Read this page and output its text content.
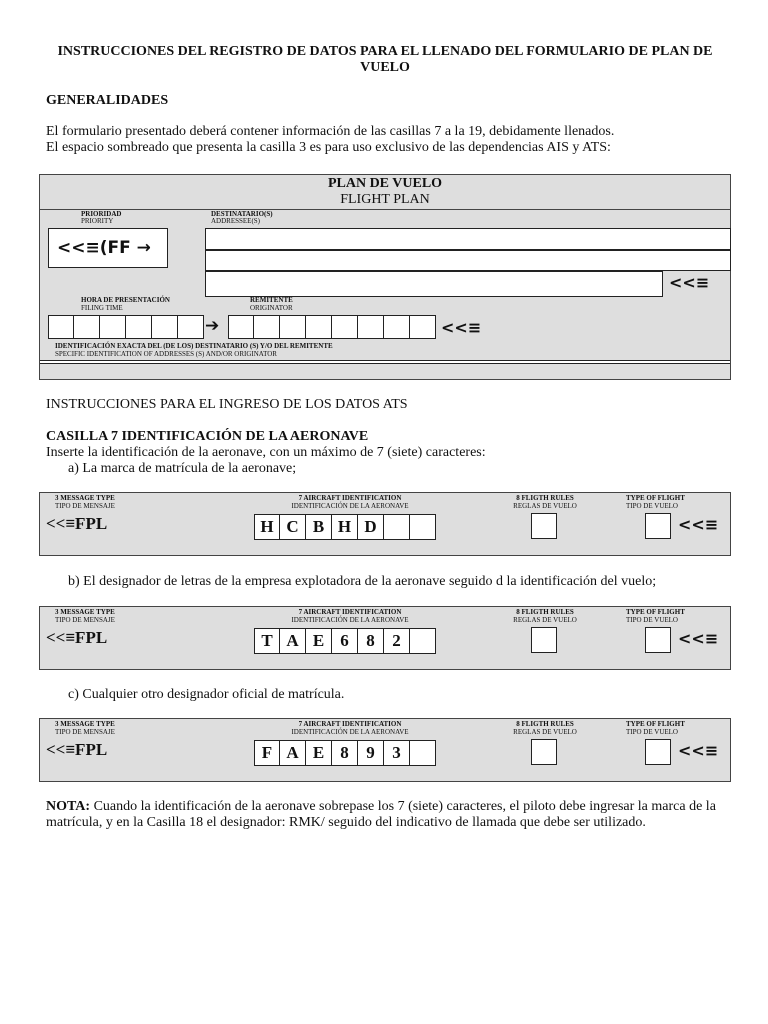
INSTRUCCIONES DEL REGISTRO DE DATOS PARA EL LLENADO DEL FORMULARIO DE PLAN DE VUELO
GENERALIDADES
El formulario presentado deberá contener información de las casillas 7 a la 19, debidamente llenados.
El espacio sombreado que presenta la casilla 3 es para uso exclusivo de las dependencias AIS y ATS:
PLAN DE VUELO
FLIGHT PLAN
PRIORIDAD
PRIORITY
<<≡(FF →
DESTINATARIO(S)
ADDRESSEE(S)
<<≡
HORA DE PRESENTACIÓN
FILING TIME
REMITENTE
ORIGINATOR
➔	<<≡
IDENTIFICACIÓN EXACTA DEL (DE LOS) DESTINATARIO (S) Y/O DEL REMITENTE
SPECIFIC IDENTIFICATION OF ADDRESSES (S) AND/OR ORIGINATOR
INSTRUCCIONES PARA EL INGRESO DE LOS DATOS ATS
CASILLA 7 IDENTIFICACIÓN DE LA AERONAVE
Inserte la identificación de la aeronave, con un máximo de 7 (siete) caracteres:
a) La marca de matrícula de la aeronave;
3 MESSAGE TYPE
TIPO DE MENSAJE
<<≡FPL
7 AIRCRAFT IDENTIFICATION
IDENTIFICACIÓN DE LA AERONAVE
H C B H D
8 FLIGTH RULES
REGLAS DE VUELO
TYPE OF FLIGHT
TIPO DE VUELO
<<≡
b) El designador de letras de la empresa explotadora de la aeronave seguido d la identificación del vuelo;
3 MESSAGE TYPE
TIPO DE MENSAJE
<<≡FPL
7 AIRCRAFT IDENTIFICATION
IDENTIFICACIÓN DE LA AERONAVE
T A E 6	8	2
8 FLIGTH RULES
REGLAS DE VUELO
TYPE OF FLIGHT
TIPO DE VUELO
<<≡
c) Cualquier otro designador oficial de matrícula.
3 MESSAGE TYPE
TIPO DE MENSAJE
<<≡FPL
7 AIRCRAFT IDENTIFICATION
IDENTIFICACIÓN DE LA AERONAVE
F A E 8	9	3
8 FLIGTH RULES
REGLAS DE VUELO
TYPE OF FLIGHT
TIPO DE VUELO
<<≡
NOTA: Cuando la identificación de la aeronave sobrepase los 7 (siete) caracteres, el piloto debe ingresar la marca de la matrícula, y en la Casilla 18 el designador: RMK/ seguido del indicativo de llamada que debe ser utilizado.
